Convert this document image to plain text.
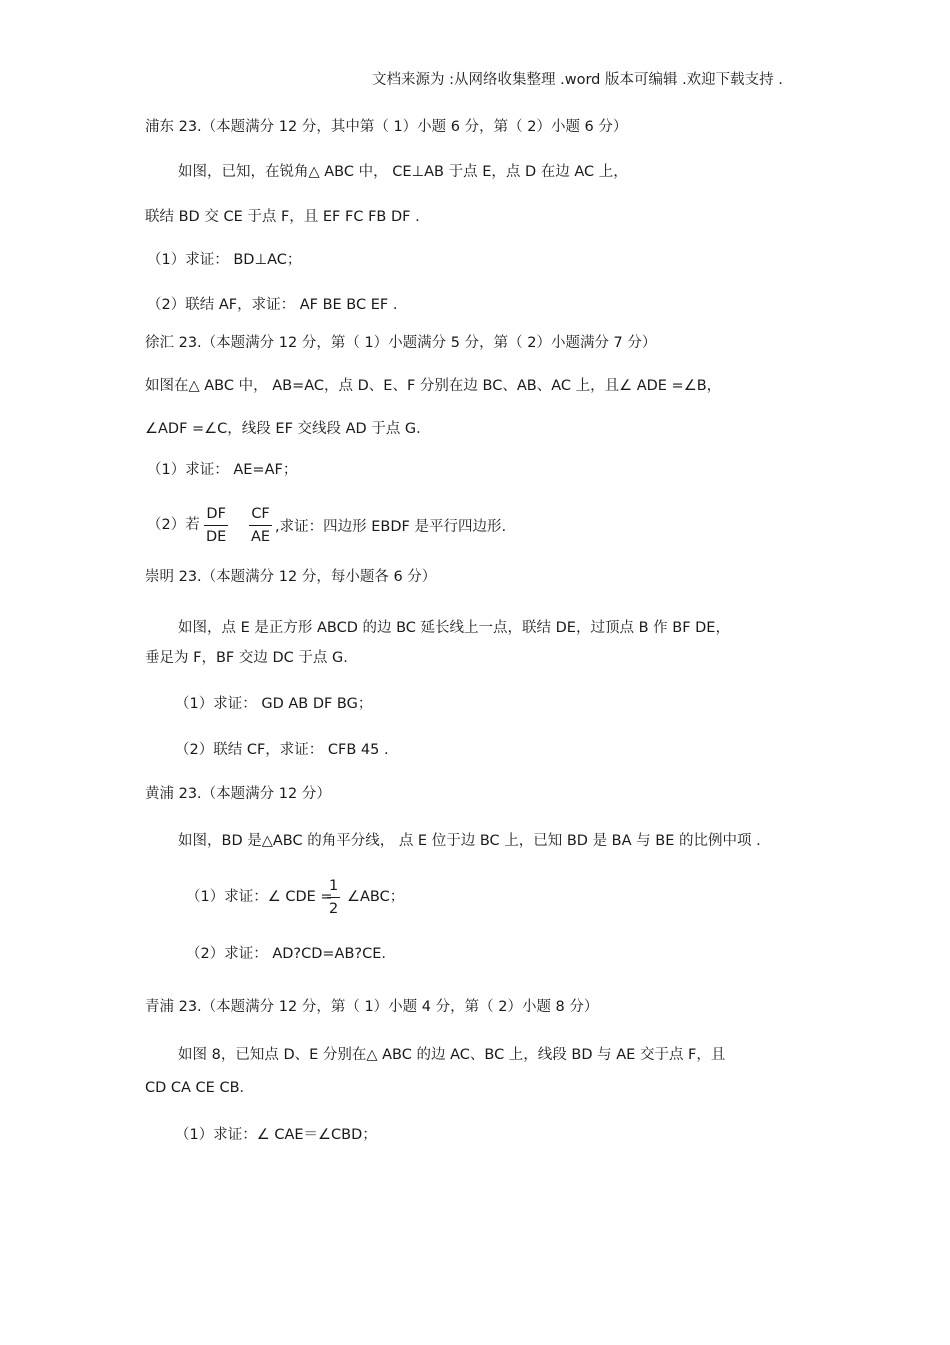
文档来源为 :从网络收集整理 .word 版本可编辑 .欢迎下载支持 .
浦东 23.（本题满分 12 分，其中第（ 1）小题 6 分，第（ 2）小题 6 分）
如图，已知，在锐角△ ABC 中， CE⊥AB 于点 E，点 D 在边 AC 上，
联结 BD 交 CE 于点 F，且 EF FC FB DF .
（1）求证： BD⊥AC；
（2）联结 AF，求证： AF BE BC EF .
徐汇 23.（本题满分 12 分，第（ 1）小题满分 5 分，第（ 2）小题满分 7 分）
如图在△ ABC 中， AB=AC，点 D、E、F 分别在边 BC、AB、AC 上，且∠ ADE =∠B，
∠ADF =∠C，线段 EF 交线段 AD 于点 G．
（1）求证： AE=AF；
（2）若 $\frac{DF}{DE} \frac{CF}{AE}$ ,求证：四边形 EBDF 是平行四边形.
崇明 23.（本题满分 12 分，每小题各 6 分）
如图，点 E 是正方形 ABCD 的边 BC 延长线上一点，联结 DE，过顶点 B 作 BF DE，
垂足为 F，BF 交边 DC 于点 G.
（1）求证： GD AB DF BG；
（2）联结 CF，求证： CFB 45 .
黄浦 23.（本题满分 12 分）
如图，BD 是△ABC 的角平分线， 点 E 位于边 BC 上，已知 BD 是 BA 与 BE 的比例中项 .
（1）求证：∠ CDE =
$\frac{1}{2}$ ∠ABC；
（2）求证： AD?CD=AB?CE.
青浦 23.（本题满分 12 分，第（ 1）小题 4 分，第（ 2）小题 8 分）
如图 8，已知点 D、E 分别在△ ABC 的边 AC、BC 上，线段 BD 与 AE 交于点 F，且
CD CA CE CB．
（1）求证：∠ CAE＝∠CBD；
